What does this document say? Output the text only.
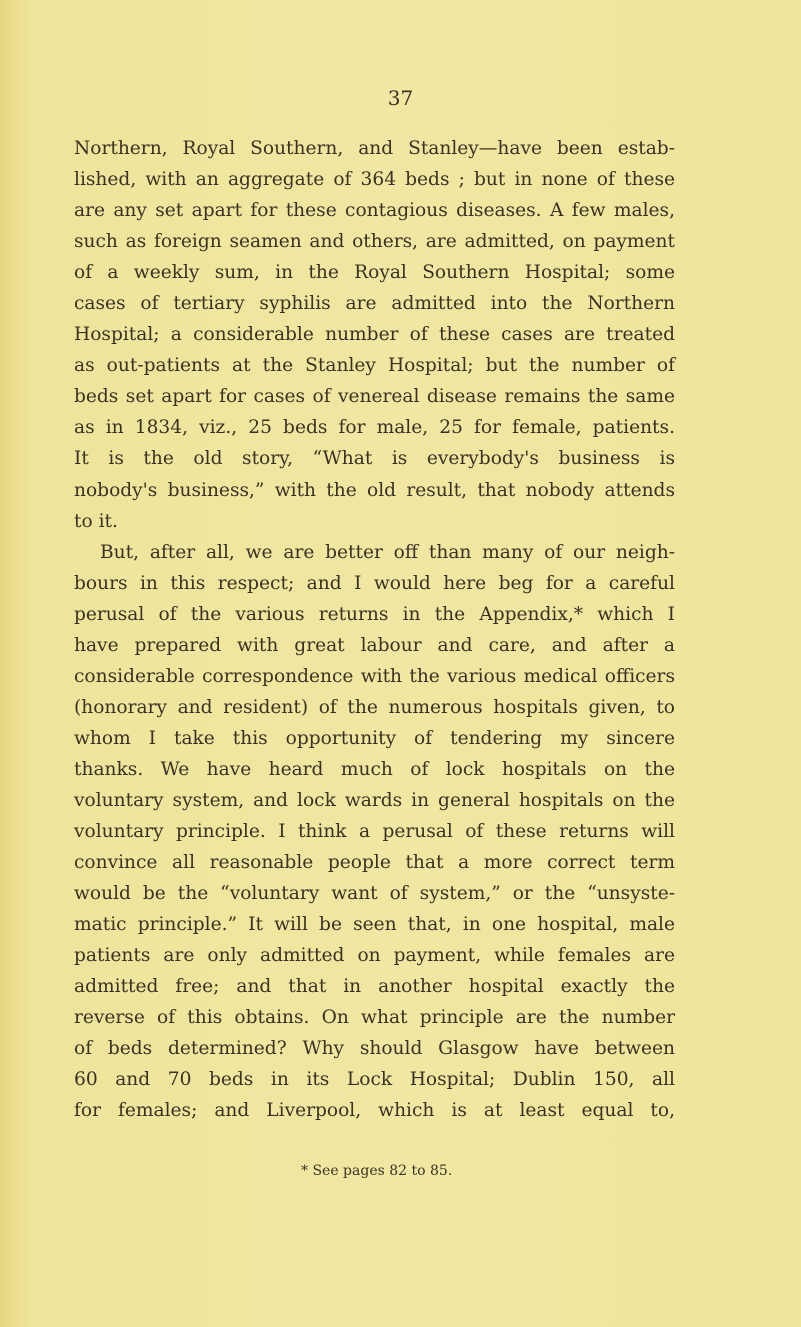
37
Northern, Royal Southern, and Stanley—have been estab-
lished, with an aggregate of 364 beds ; but in none of these
are any set apart for these contagious diseases. A few males,
such as foreign seamen and others, are admitted, on payment
of a weekly sum, in the Royal Southern Hospital; some
cases of tertiary syphilis are admitted into the Northern
Hospital; a considerable number of these cases are treated
as out-patients at the Stanley Hospital; but the number of
beds set apart for cases of venereal disease remains the same
as in 1834, viz., 25 beds for male, 25 for female, patients.
It is the old story, “What is everybody's business is
nobody's business,” with the old result, that nobody attends
to it.
But, after all, we are better off than many of our neigh-
bours in this respect; and I would here beg for a careful
perusal of the various returns in the Appendix,* which I
have prepared with great labour and care, and after a
considerable correspondence with the various medical officers
(honorary and resident) of the numerous hospitals given, to
whom I take this opportunity of tendering my sincere
thanks. We have heard much of lock hospitals on the
voluntary system, and lock wards in general hospitals on the
voluntary principle. I think a perusal of these returns will
convince all reasonable people that a more correct term
would be the “voluntary want of system,” or the “unsyste-
matic principle.” It will be seen that, in one hospital, male
patients are only admitted on payment, while females are
admitted free; and that in another hospital exactly the
reverse of this obtains. On what principle are the number
of beds determined? Why should Glasgow have between
60 and 70 beds in its Lock Hospital; Dublin 150, all
for females; and Liverpool, which is at least equal to,
* See pages 82 to 85.
